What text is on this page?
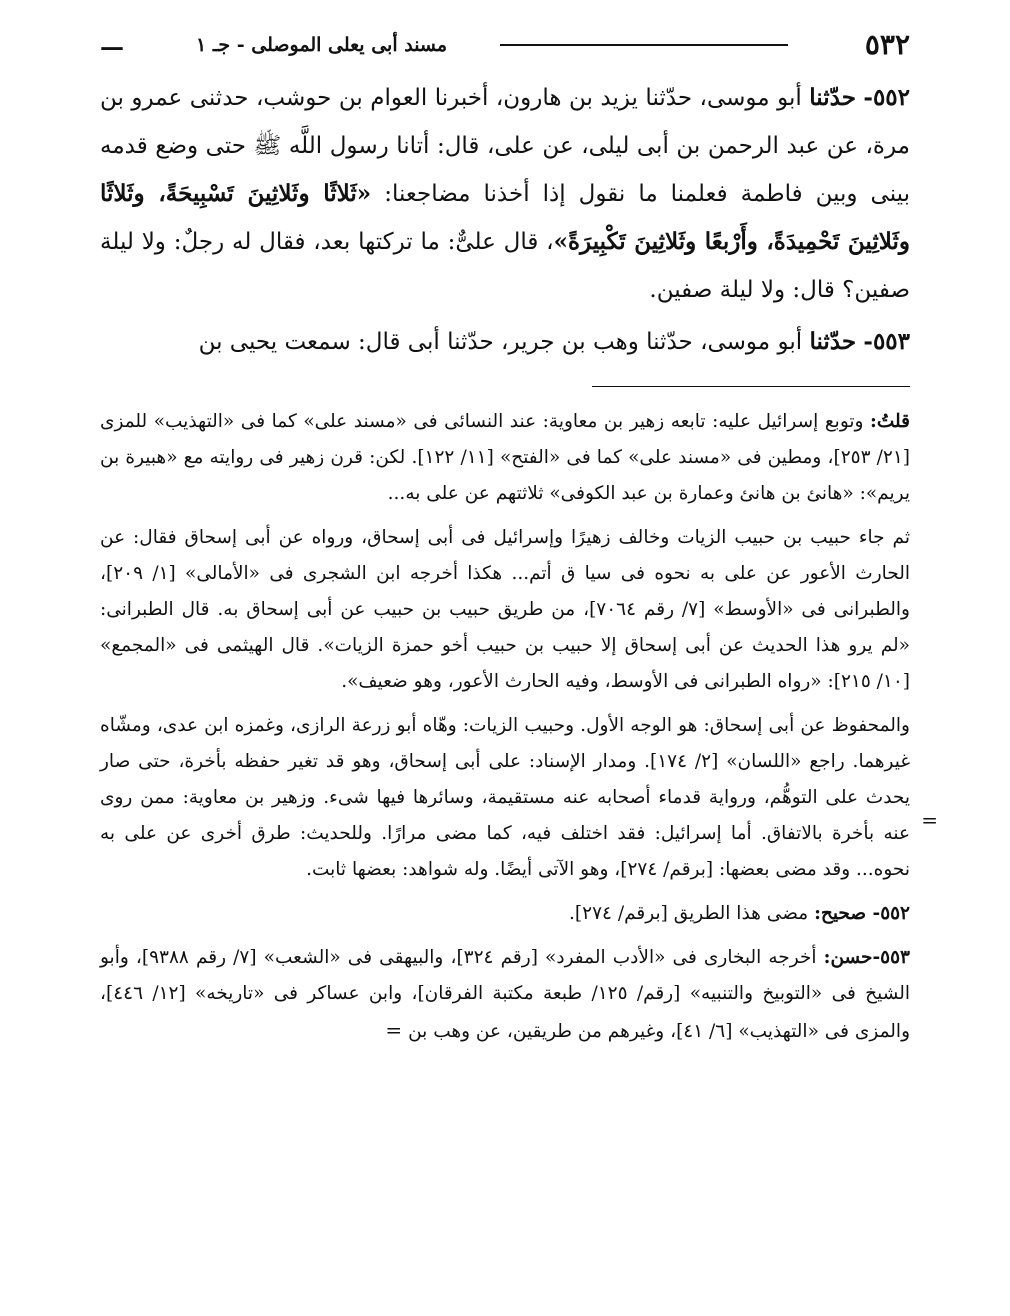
—	مسند أبى يعلى الموصلى - جـ ١	٥٣٢

٥٥٢- حدّثنا أبو موسى، حدّثنا يزيد بن هارون، أخبرنا العوام بن حوشب، حدثنى عمرو بن مرة، عن عبد الرحمن بن أبى ليلى، عن على، قال: أتانا رسول اللَّه ﷺ حتى وضع قدمه بينى وبين فاطمة فعلمنا ما نقول إذا أخذنا مضاجعنا: «ثَلاثًا وثَلاثِينَ تَسْبِيحَةً، وثَلاثًا وثَلاثِينَ تَحْمِيدَةً، وأَرْبعًا وثَلاثِينَ تَكْبِيرَةً»، قال علىٌّ: ما تركتها بعد، فقال له رجلٌ: ولا ليلة صفين؟ قال: ولا ليلة صفين.

٥٥٣- حدّثنا أبو موسى، حدّثنا وهب بن جرير، حدّثنا أبى قال: سمعت يحيى بن

=

قلتُ: وتوبع إسرائيل عليه: تابعه زهير بن معاوية: عند النسائى فى «مسند على» كما فى «التهذيب» للمزى [٢١/ ٢٥٣]، ومطين فى «مسند على» كما فى «الفتح» [١١/ ١٢٢]. لكن: قرن زهير فى روايته مع «هبيرة بن يريم»: «هانئ بن هانئ وعمارة بن عبد الكوفى» ثلاثتهم عن على به...

ثم جاء حبيب بن حبيب الزيات وخالف زهيرًا وإسرائيل فى أبى إسحاق، ورواه عن أبى إسحاق فقال: عن الحارث الأعور عن على به نحوه فى سيا ق أتم... هكذا أخرجه ابن الشجرى فى «الأمالى» [١/ ٢٠٩]، والطبرانى فى «الأوسط» [٧/ رقم ٧٠٦٤]، من طريق حبيب بن حبيب عن أبى إسحاق به. قال الطبرانى: «لم يرو هذا الحديث عن أبى إسحاق إلا حبيب بن حبيب أخو حمزة الزيات». قال الهيثمى فى «المجمع» [١٠/ ٢١٥]: «رواه الطبرانى فى الأوسط، وفيه الحارث الأعور، وهو ضعيف».

والمحفوظ عن أبى إسحاق: هو الوجه الأول. وحبيب الزيات: وهّاه أبو زرعة الرازى، وغمزه ابن عدى، ومشّاه غيرهما. راجع «اللسان» [٢/ ١٧٤]. ومدار الإسناد: على أبى إسحاق، وهو قد تغير حفظه بأخرة، حتى صار يحدث على التوهُّم، ورواية قدماء أصحابه عنه مستقيمة، وسائرها فيها شىء. وزهير بن معاوية: ممن روى عنه بأخرة بالاتفاق. أما إسرائيل: فقد اختلف فيه، كما مضى مرارًا. وللحديث: طرق أخرى عن على به نحوه... وقد مضى بعضها: [برقم/ ٢٧٤]، وهو الآتى أيضًا. وله شواهد: بعضها ثابت.

٥٥٢- صحيح: مضى هذا الطريق [برقم/ ٢٧٤].

٥٥٣-حسن: أخرجه البخارى فى «الأدب المفرد» [رقم ٣٢٤]، والبيهقى فى «الشعب» [٧/ رقم ٩٣٨٨]، وأبو الشيخ فى «التوبيخ والتنبيه» [رقم/ ١٢٥/ طبعة مكتبة الفرقان]، وابن عساكر فى «تاريخه» [١٢/ ٤٤٦]، والمزى فى «التهذيب» [٦/ ٤١]، وغيرهم من طريقين، عن وهب بن =
